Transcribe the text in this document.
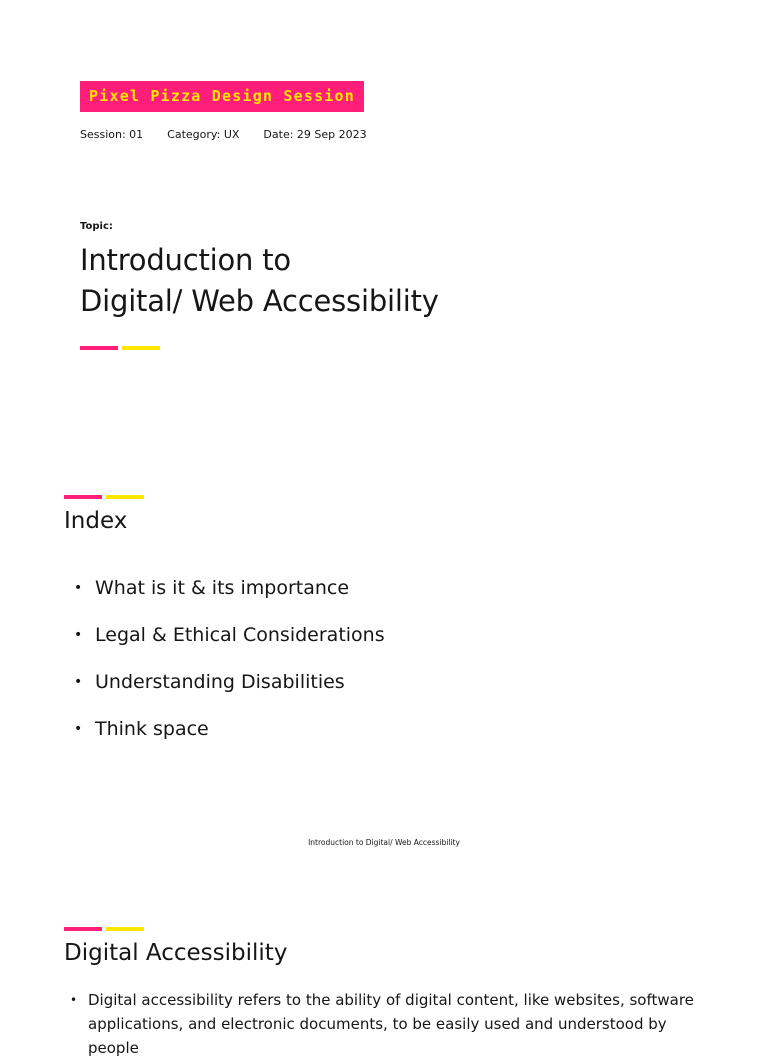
Pixel Pizza Design Session
Session: 01 Category: UX Date: 29 Sep 2023
Topic:
Introduction to
Digital/ Web Accessibility
Index
• What is it & its importance
• Legal & Ethical Considerations
• Understanding Disabilities
• Think space
Introduction to Digital/ Web Accessibility
Digital Accessibility
• Digital accessibility refers to the ability of digital content, like websites, software applications, and electronic documents, to be easily used and understood by people
